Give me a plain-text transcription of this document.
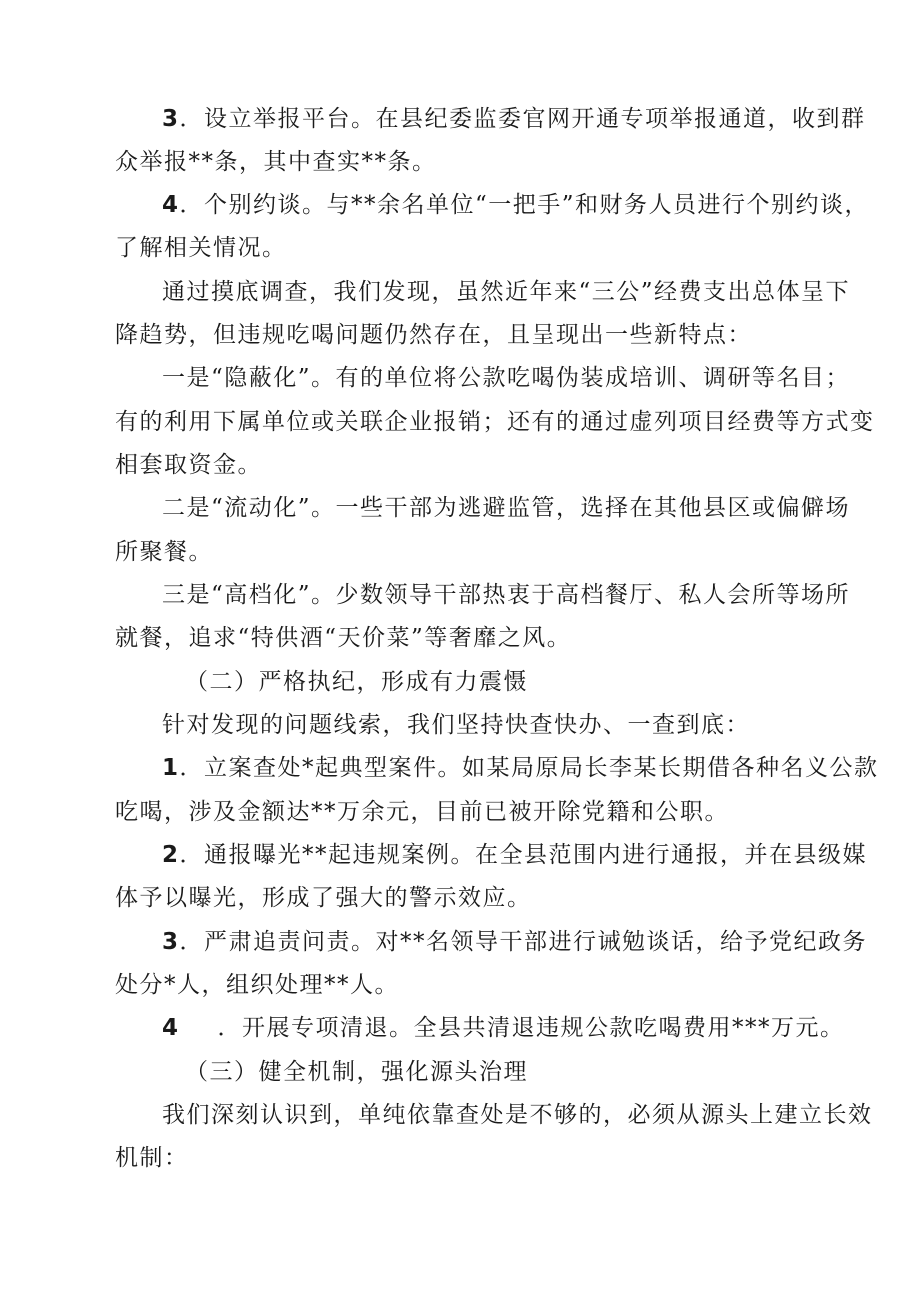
3．设立举报平台。在县纪委监委官网开通专项举报通道，收到群
众举报**条，其中查实**条。
4．个别约谈。与**余名单位“一把手”和财务人员进行个别约谈，
了解相关情况。
通过摸底调查，我们发现，虽然近年来“三公”经费支出总体呈下
降趋势，但违规吃喝问题仍然存在，且呈现出一些新特点：
一是“隐蔽化”。有的单位将公款吃喝伪装成培训、调研等名目；
有的利用下属单位或关联企业报销；还有的通过虚列项目经费等方式变
相套取资金。
二是“流动化”。一些干部为逃避监管，选择在其他县区或偏僻场
所聚餐。
三是“高档化”。少数领导干部热衷于高档餐厅、私人会所等场所
就餐，追求“特供酒“天价菜”等奢靡之风。
（二）严格执纪，形成有力震慑
针对发现的问题线索，我们坚持快查快办、一查到底：
1．立案查处*起典型案件。如某局原局长李某长期借各种名义公款
吃喝，涉及金额达**万余元，目前已被开除党籍和公职。
2．通报曝光**起违规案例。在全县范围内进行通报，并在县级媒
体予以曝光，形成了强大的警示效应。
3．严肃追责问责。对**名领导干部进行诫勉谈话，给予党纪政务
处分*人，组织处理**人。
4 ．开展专项清退。全县共清退违规公款吃喝费用***万元。
（三）健全机制，强化源头治理
我们深刻认识到，单纯依靠查处是不够的，必须从源头上建立长效
机制：
